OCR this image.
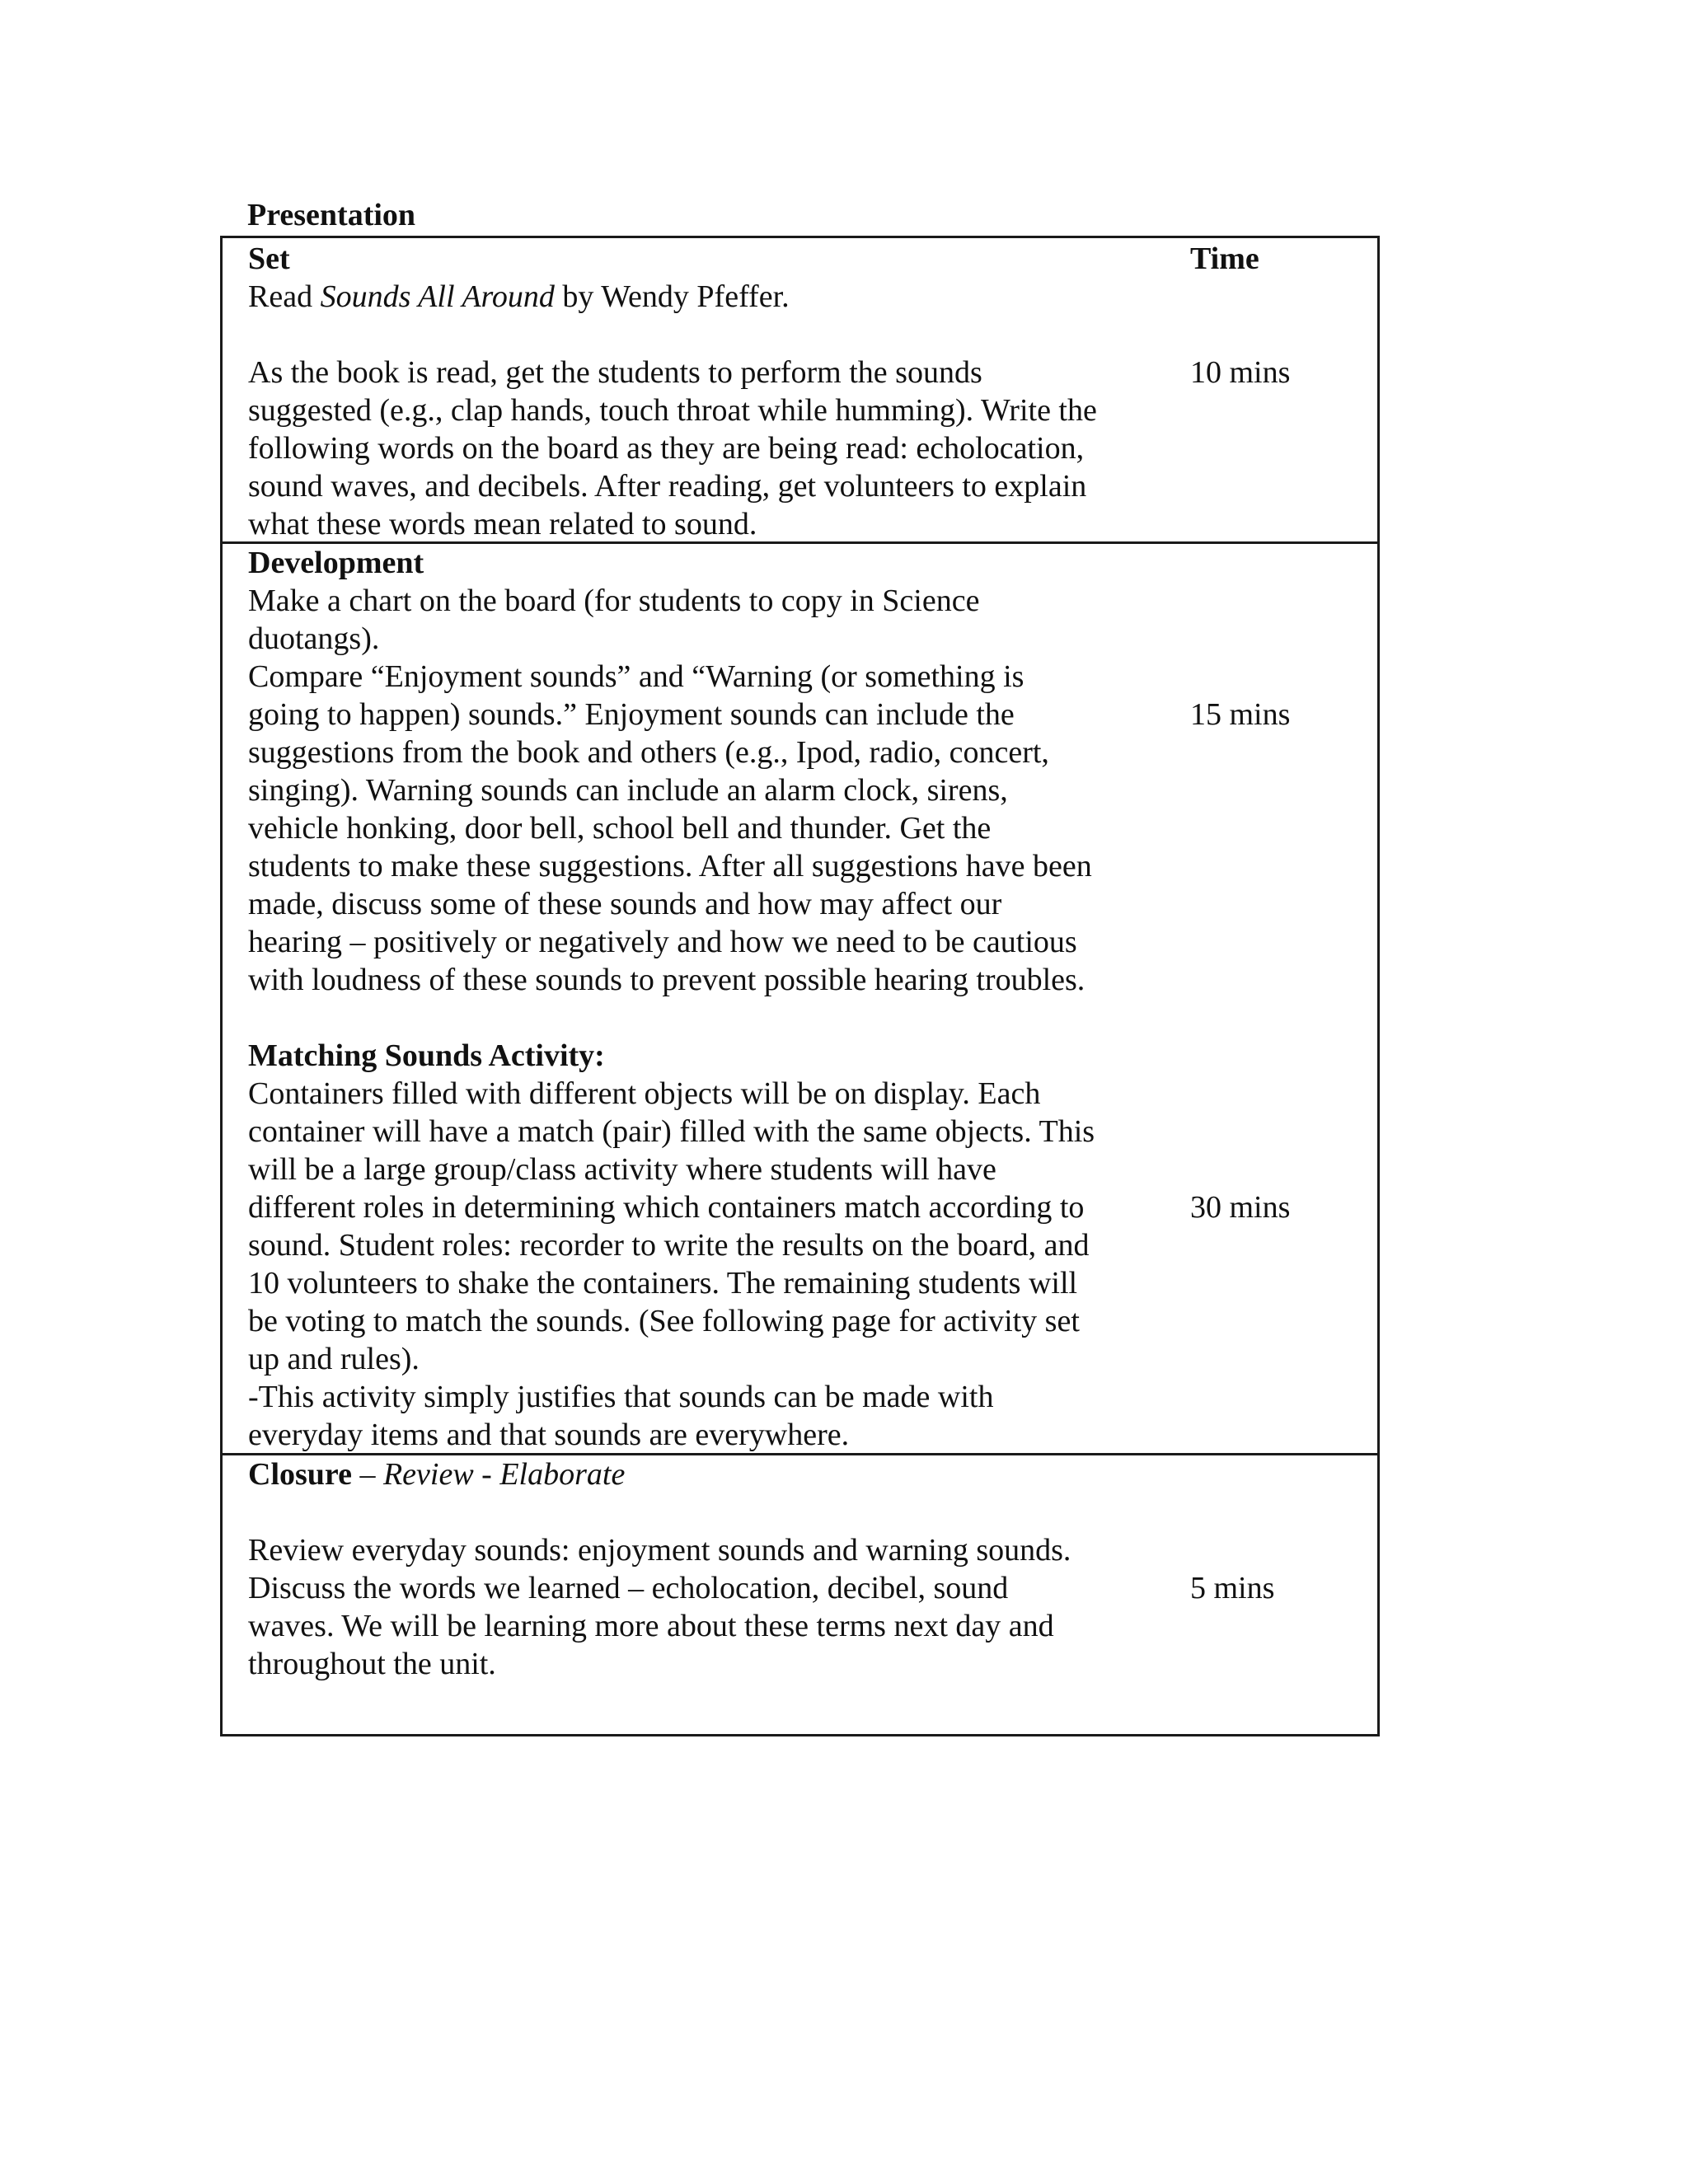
Presentation
Set	Time
Read Sounds All Around by Wendy Pfeffer.

As the book is read, get the students to perform the sounds

suggested (e.g., clap hands, touch throat while humming). Write the

following words on the board as they are being read: echolocation,

sound waves, and decibels. After reading, get volunteers to explain

what these words mean related to sound.

10 mins
Development

Make a chart on the board (for students to copy in Science

duotangs).

Compare “Enjoyment sounds” and “Warning (or something is

going to happen) sounds.” Enjoyment sounds can include the

suggestions from the book and others (e.g., Ipod, radio, concert,

singing). Warning sounds can include an alarm clock, sirens,

vehicle honking, door bell, school bell and thunder. Get the

students to make these suggestions. After all suggestions have been

made, discuss some of these sounds and how may affect our

hearing – positively or negatively and how we need to be cautious

with loudness of these sounds to prevent possible hearing troubles.

15 mins
Matching Sounds Activity:

Containers filled with different objects will be on display. Each

container will have a match (pair) filled with the same objects. This

will be a large group/class activity where students will have

different roles in determining which containers match according to

sound. Student roles: recorder to write the results on the board, and

10 volunteers to shake the containers. The remaining students will

be voting to match the sounds. (See following page for activity set

up and rules).

-This activity simply justifies that sounds can be made with

everyday items and that sounds are everywhere.

30 mins
Closure – Review - Elaborate

Review everyday sounds: enjoyment sounds and warning sounds.

Discuss the words we learned – echolocation, decibel, sound

waves. We will be learning more about these terms next day and

throughout the unit.

5 mins
